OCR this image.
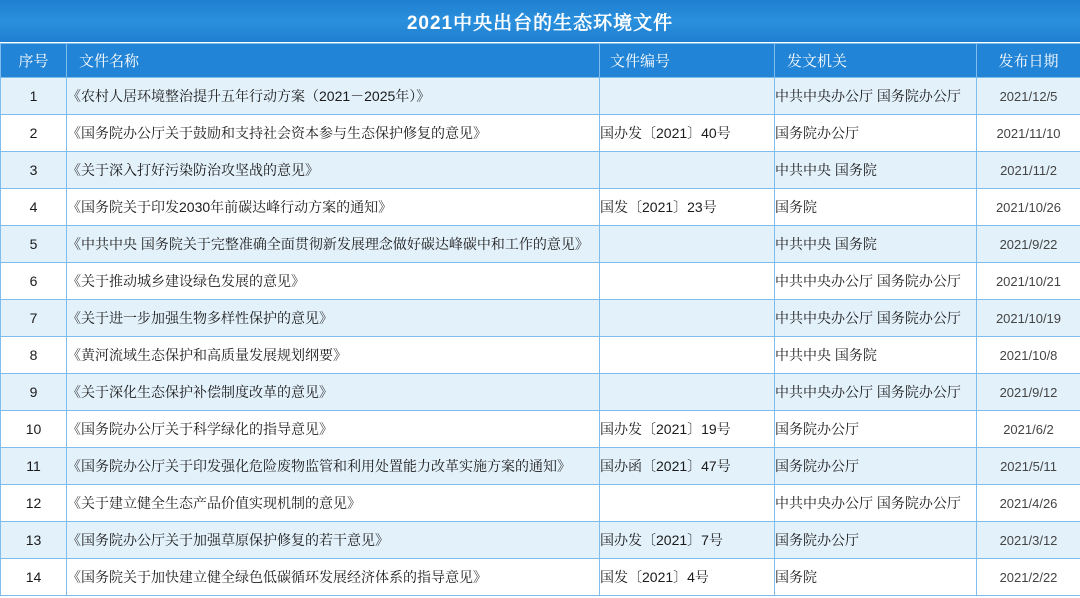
2021中央出台的生态环境文件
序号	文件名称	文件编号	发文机关	发布日期
1	《农村人居环境整治提升五年行动方案（2021－2025年）》		中共中央办公厅 国务院办公厅	2021/12/5
2	《国务院办公厅关于鼓励和支持社会资本参与生态保护修复的意见》	国办发〔2021〕40号	国务院办公厅	2021/11/10
3	《关于深入打好污染防治攻坚战的意见》		中共中央 国务院	2021/11/2
4	《国务院关于印发2030年前碳达峰行动方案的通知》	国发〔2021〕23号	国务院	2021/10/26
5	《中共中央 国务院关于完整准确全面贯彻新发展理念做好碳达峰碳中和工作的意见》		中共中央 国务院	2021/9/22
6	《关于推动城乡建设绿色发展的意见》		中共中央办公厅 国务院办公厅	2021/10/21
7	《关于进一步加强生物多样性保护的意见》		中共中央办公厅 国务院办公厅	2021/10/19
8	《黄河流域生态保护和高质量发展规划纲要》		中共中央 国务院	2021/10/8
9	《关于深化生态保护补偿制度改革的意见》		中共中央办公厅 国务院办公厅	2021/9/12
10	《国务院办公厅关于科学绿化的指导意见》	国办发〔2021〕19号	国务院办公厅	2021/6/2
11	《国务院办公厅关于印发强化危险废物监管和利用处置能力改革实施方案的通知》	国办函〔2021〕47号	国务院办公厅	2021/5/11
12	《关于建立健全生态产品价值实现机制的意见》		中共中央办公厅 国务院办公厅	2021/4/26
13	《国务院办公厅关于加强草原保护修复的若干意见》	国办发〔2021〕7号	国务院办公厅	2021/3/12
14	《国务院关于加快建立健全绿色低碳循环发展经济体系的指导意见》	国发〔2021〕4号	国务院	2021/2/22
